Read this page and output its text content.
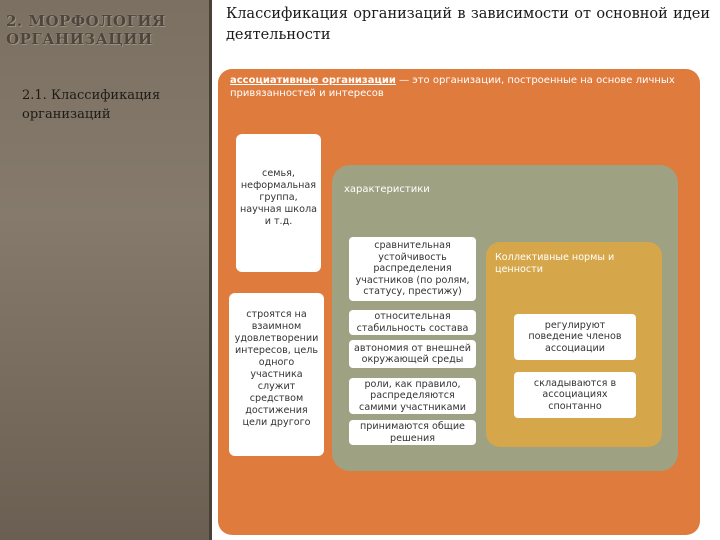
2. МОРФОЛОГИЯ ОРГАНИЗАЦИИ
2.1. Классификация организаций
Классификация организаций в зависимости от основной идеи деятельности
ассоциативные организации — это организации, построенные на основе личных привязанностей и интересов
семья, неформальная группа, научная школа и т.д.
строятся на взаимном удовлетворении интересов, цель одного участника служит средством достижения цели другого
характеристики
Коллективные нормы и ценности
сравнительная устойчивость распределения участников (по ролям, статусу, престижу)
относительная стабильность состава
автономия от внешней окружающей среды
роли, как правило, распределяются самими участниками
принимаются общие решения
регулируют поведение членов ассоциации
складываются в ассоциациях спонтанно
